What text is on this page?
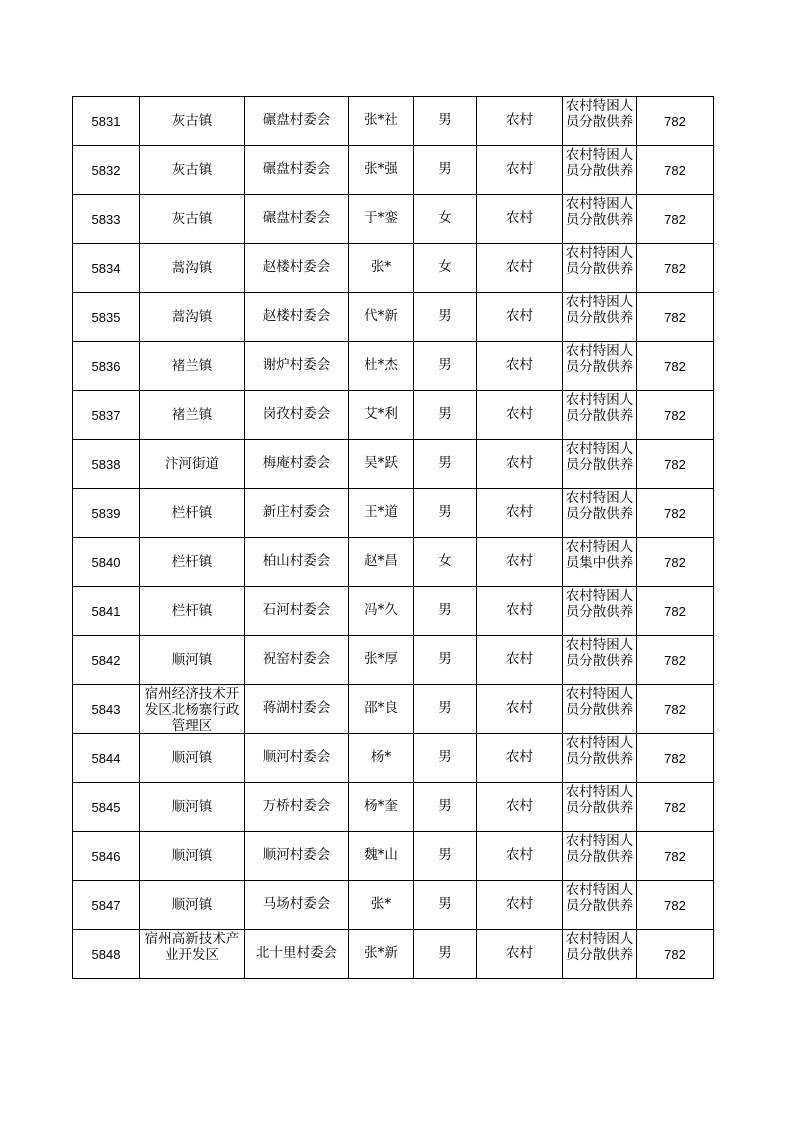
5831	灰古镇	碾盘村委会	张*社	男	农村	农村特困人员分散供养	782
5832	灰古镇	碾盘村委会	张*强	男	农村	农村特困人员分散供养	782
5833	灰古镇	碾盘村委会	于*銮	女	农村	农村特困人员分散供养	782
5834	蒿沟镇	赵楼村委会	张*	女	农村	农村特困人员分散供养	782
5835	蒿沟镇	赵楼村委会	代*新	男	农村	农村特困人员分散供养	782
5836	褚兰镇	谢炉村委会	杜*杰	男	农村	农村特困人员分散供养	782
5837	褚兰镇	岗孜村委会	艾*利	男	农村	农村特困人员分散供养	782
5838	汴河街道	梅庵村委会	吴*跃	男	农村	农村特困人员分散供养	782
5839	栏杆镇	新庄村委会	王*道	男	农村	农村特困人员分散供养	782
5840	栏杆镇	柏山村委会	赵*昌	女	农村	农村特困人员集中供养	782
5841	栏杆镇	石河村委会	冯*久	男	农村	农村特困人员分散供养	782
5842	顺河镇	祝窑村委会	张*厚	男	农村	农村特困人员分散供养	782
5843	宿州经济技术开发区北杨寨行政管理区	蒋湖村委会	邵*良	男	农村	农村特困人员分散供养	782
5844	顺河镇	顺河村委会	杨*	男	农村	农村特困人员分散供养	782
5845	顺河镇	万桥村委会	杨*奎	男	农村	农村特困人员分散供养	782
5846	顺河镇	顺河村委会	魏*山	男	农村	农村特困人员分散供养	782
5847	顺河镇	马场村委会	张*	男	农村	农村特困人员分散供养	782
5848	宿州高新技术产业开发区	北十里村委会	张*新	男	农村	农村特困人员分散供养	782
